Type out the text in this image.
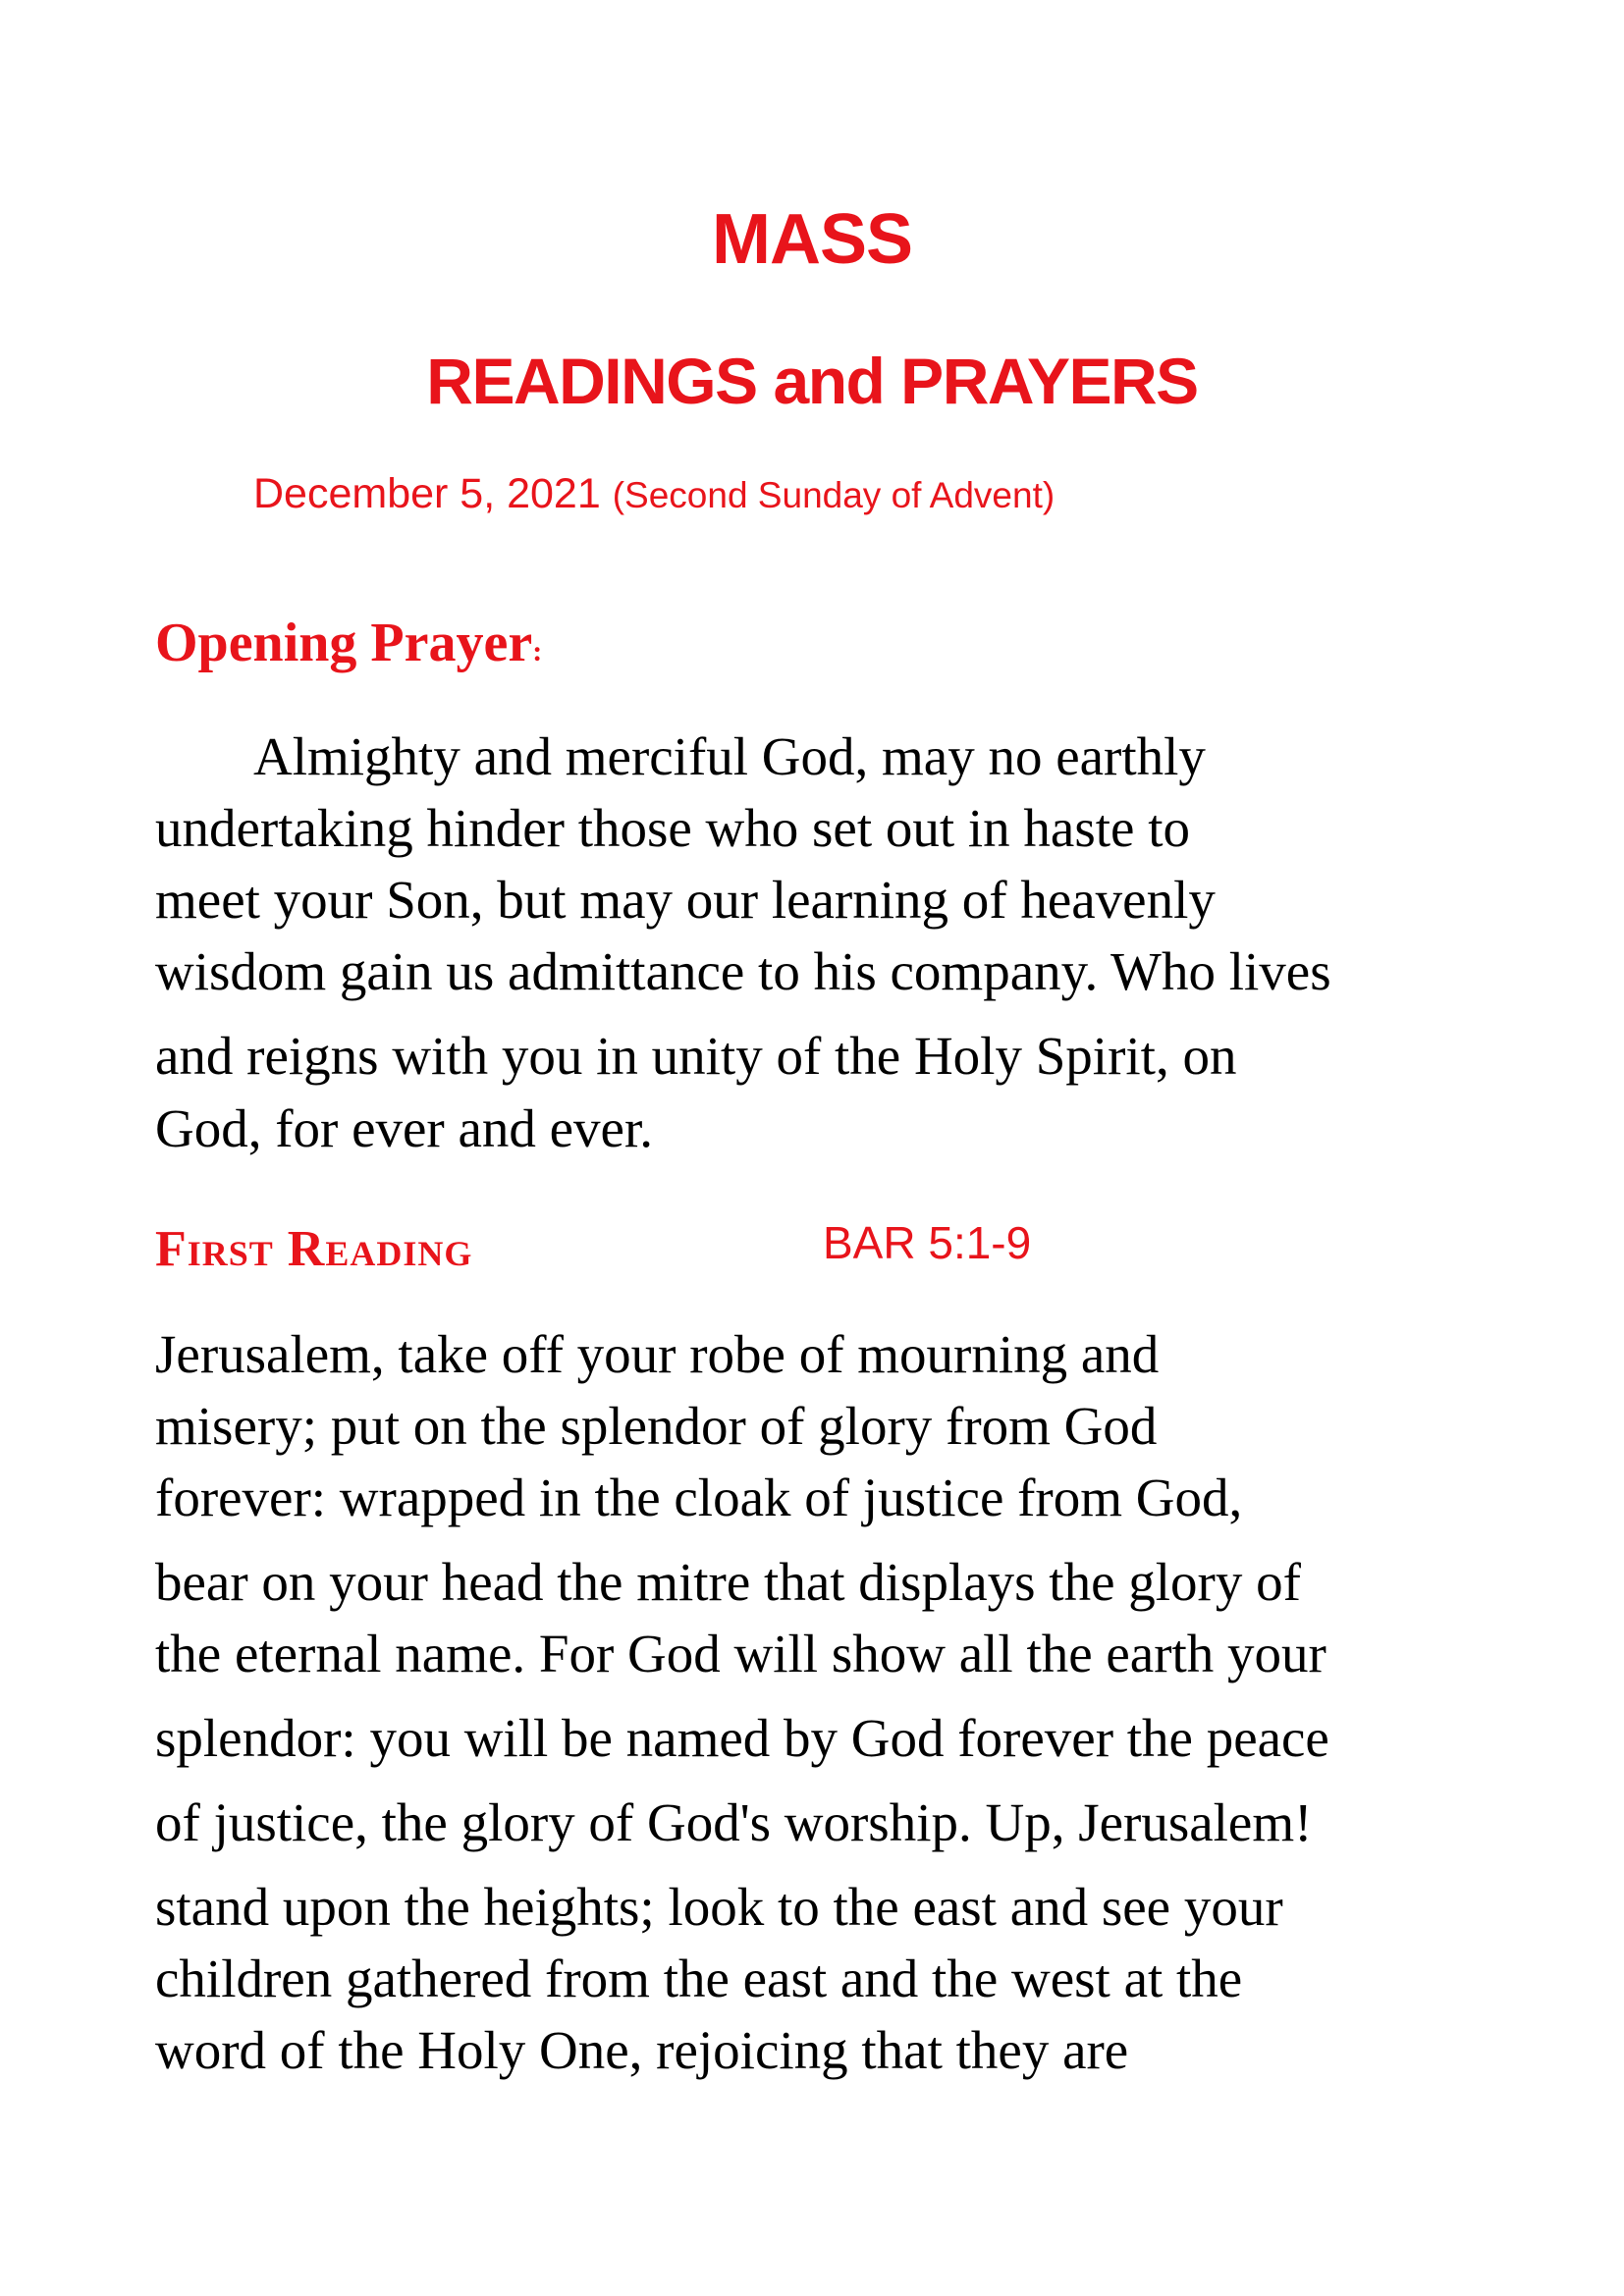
MASS
READINGS and PRAYERS
December 5, 2021 (Second Sunday of Advent)
Opening Prayer:
Almighty and merciful God, may no earthly
undertaking hinder those who set out in haste to
meet your Son, but may our learning of heavenly
wisdom gain us admittance to his company. Who lives
and reigns with you in unity of the Holy Spirit, on
God, for ever and ever.
First Reading	BAR 5:1-9
Jerusalem, take off your robe of mourning and
misery; put on the splendor of glory from God
forever: wrapped in the cloak of justice from God,
bear on your head the mitre that displays the glory of
the eternal name. For God will show all the earth your
splendor: you will be named by God forever the peace
of justice, the glory of God's worship. Up, Jerusalem!
stand upon the heights; look to the east and see your
children gathered from the east and the west at the
word of the Holy One, rejoicing that they are
